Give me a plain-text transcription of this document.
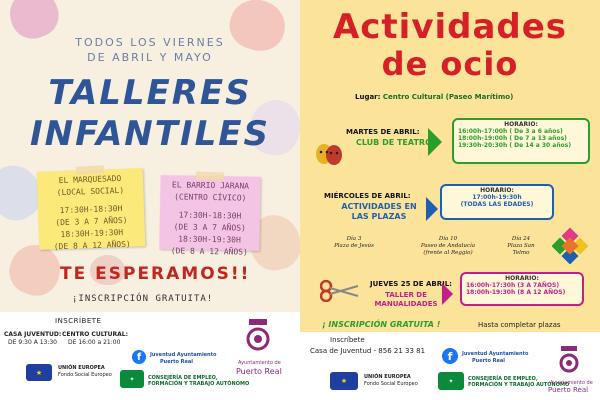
TODOS LOS VIERNES
DE ABRIL Y MAYO
TALLERES
INFANTILES
EL MARQUESADO
(LOCAL SOCIAL)
17:30H-18:30H
(DE 3 A 7 AÑOS)
18:30H-19:30H
(DE 8 A 12 AÑOS)
EL BARRIO JARANA
(CENTRO CÍVICO)
17:30H-18:30H
(DE 3 A 7 AÑOS)
18:30H-19:30H
(DE 8 A 12 AÑOS)
TE ESPERAMOS!!
¡INSCRIPCIÓN GRATUITA!
INSCRÍBETE
CASA JUVENTUD:
DE 9:30 A 13:30
CENTRO CULTURAL:
DE 16:00 a 21:00
f	Juventud Ayuntamiento
Puerto Real
★
UNIÓN EUROPEA
Fondo Social Europeo
✦	CONSEJERÍA DE EMPLEO,
FORMACIÓN Y TRABAJO AUTÓNOMO
Ayuntamiento de
Puerto Real
Actividades
de ocio
Lugar: Centro Cultural (Paseo Marítimo)
MARTES DE ABRIL:
CLUB DE TEATRO
HORARIO:
16:00h-17:00h ( De 3 a 6 años)
18:00h-19:00h ( De 7 a 13 años)
19:30h-20:30h ( De 14 a 30 años)
MIÉRCOLES DE ABRIL:
ACTIVIDADES EN
LAS PLAZAS
HORARIO:
17:00h-19:30h
(TODAS LAS EDADES)
Día 3
Plaza de Jesús
Día 10
Paseo de Andalucía
(frente al Reggio)
Día 24
Plaza San
Telmo
JUEVES 25 DE ABRIL:
TALLER DE
MANUALIDADES
HORARIO:
16:00h-17:30h (3 A 7AÑOS)
18:00h-19:30h (8 A 12 AÑOS)
¡ INSCRIPCIÓN GRATUITA !	Hasta completar plazas
Inscríbete
Casa de Juventud - 856 21 33 81	f	Juventud Ayuntamiento
Puerto Real
★	UNIÓN EUROPEA
Fondo Social Europeo	✦	CONSEJERÍA DE EMPLEO,
FORMACIÓN Y TRABAJO AUTÓNOMO
Ayuntamiento de
Puerto Real
